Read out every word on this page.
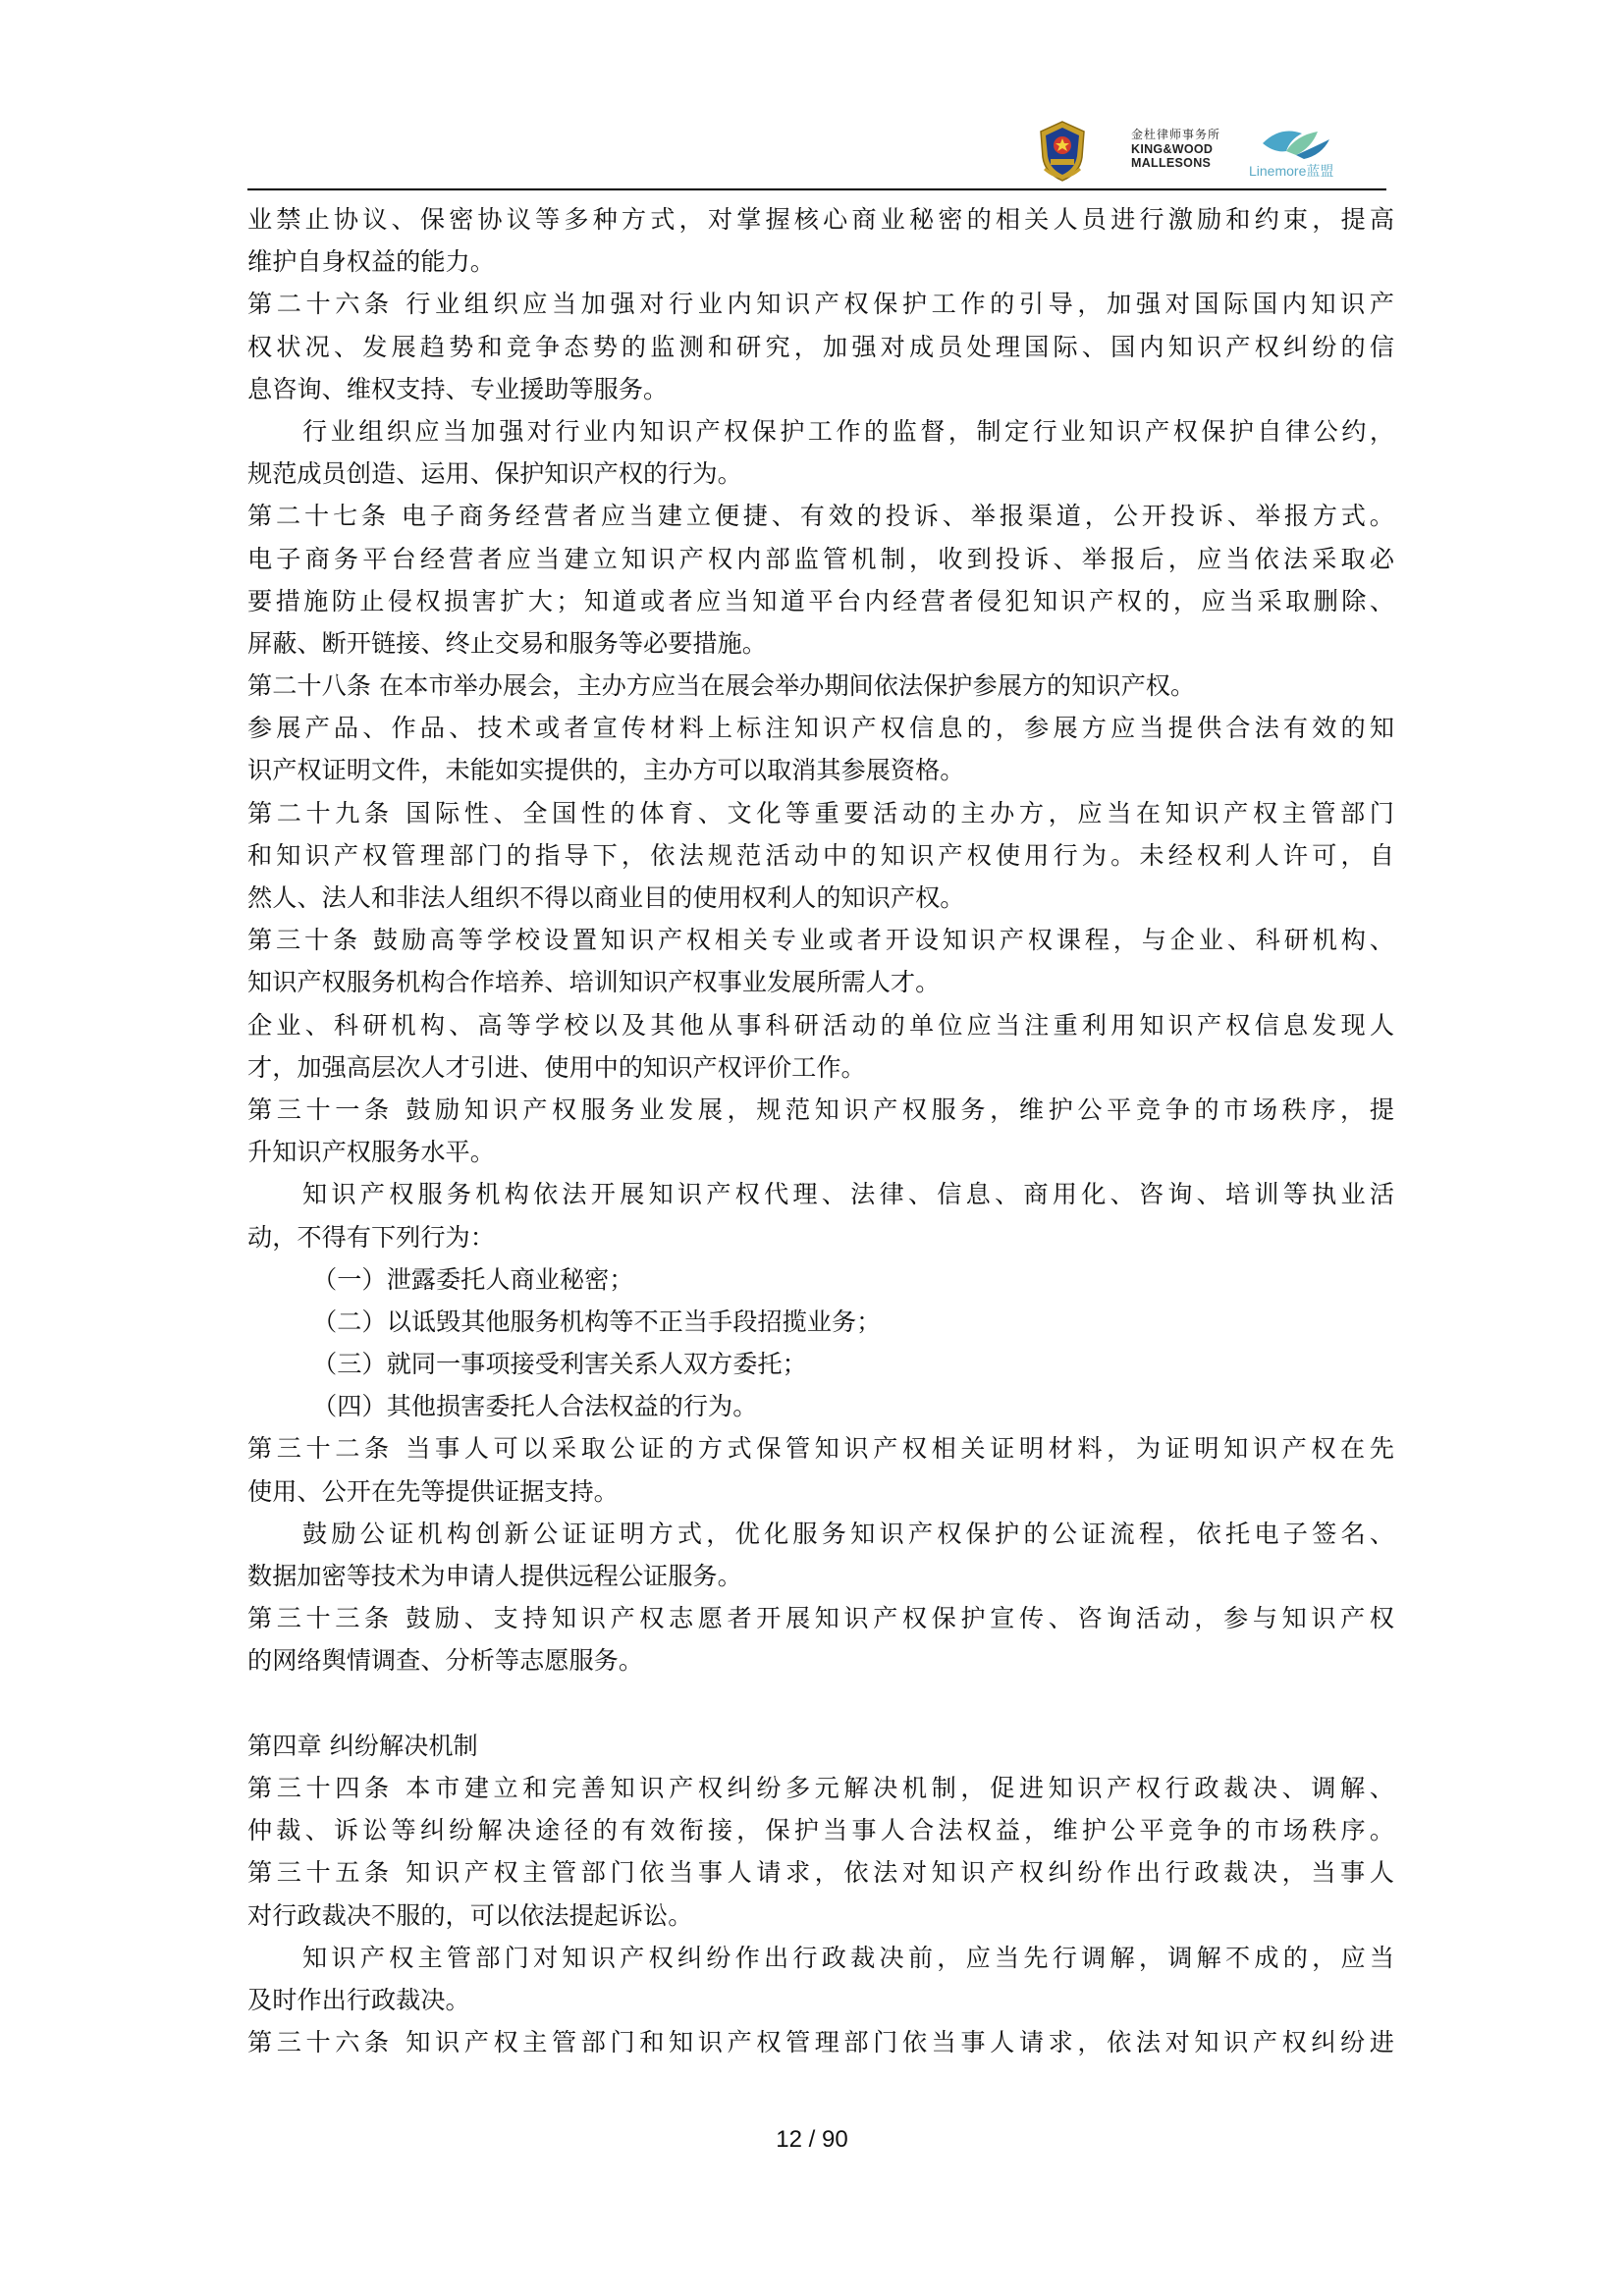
金杜律师事务所
KING&WOOD
MALLESONS	Linemore蓝盟
业禁止协议、保密协议等多种方式，对掌握核心商业秘密的相关人员进行激励和约束，提高
维护自身权益的能力。
第二十六条 行业组织应当加强对行业内知识产权保护工作的引导，加强对国际国内知识产
权状况、发展趋势和竞争态势的监测和研究，加强对成员处理国际、国内知识产权纠纷的信
息咨询、维权支持、专业援助等服务。
行业组织应当加强对行业内知识产权保护工作的监督，制定行业知识产权保护自律公约，
规范成员创造、运用、保护知识产权的行为。
第二十七条 电子商务经营者应当建立便捷、有效的投诉、举报渠道，公开投诉、举报方式。
电子商务平台经营者应当建立知识产权内部监管机制，收到投诉、举报后，应当依法采取必
要措施防止侵权损害扩大；知道或者应当知道平台内经营者侵犯知识产权的，应当采取删除、
屏蔽、断开链接、终止交易和服务等必要措施。
第二十八条 在本市举办展会，主办方应当在展会举办期间依法保护参展方的知识产权。
参展产品、作品、技术或者宣传材料上标注知识产权信息的，参展方应当提供合法有效的知
识产权证明文件，未能如实提供的，主办方可以取消其参展资格。
第二十九条 国际性、全国性的体育、文化等重要活动的主办方，应当在知识产权主管部门
和知识产权管理部门的指导下，依法规范活动中的知识产权使用行为。未经权利人许可，自
然人、法人和非法人组织不得以商业目的使用权利人的知识产权。
第三十条 鼓励高等学校设置知识产权相关专业或者开设知识产权课程，与企业、科研机构、
知识产权服务机构合作培养、培训知识产权事业发展所需人才。
企业、科研机构、高等学校以及其他从事科研活动的单位应当注重利用知识产权信息发现人
才，加强高层次人才引进、使用中的知识产权评价工作。
第三十一条 鼓励知识产权服务业发展，规范知识产权服务，维护公平竞争的市场秩序，提
升知识产权服务水平。
知识产权服务机构依法开展知识产权代理、法律、信息、商用化、咨询、培训等执业活
动，不得有下列行为：
（一）泄露委托人商业秘密；
（二）以诋毁其他服务机构等不正当手段招揽业务；
（三）就同一事项接受利害关系人双方委托；
（四）其他损害委托人合法权益的行为。
第三十二条 当事人可以采取公证的方式保管知识产权相关证明材料，为证明知识产权在先
使用、公开在先等提供证据支持。
鼓励公证机构创新公证证明方式，优化服务知识产权保护的公证流程，依托电子签名、
数据加密等技术为申请人提供远程公证服务。
第三十三条 鼓励、支持知识产权志愿者开展知识产权保护宣传、咨询活动，参与知识产权
的网络舆情调查、分析等志愿服务。
第四章 纠纷解决机制
第三十四条 本市建立和完善知识产权纠纷多元解决机制，促进知识产权行政裁决、调解、
仲裁、诉讼等纠纷解决途径的有效衔接，保护当事人合法权益，维护公平竞争的市场秩序。
第三十五条 知识产权主管部门依当事人请求，依法对知识产权纠纷作出行政裁决，当事人
对行政裁决不服的，可以依法提起诉讼。
知识产权主管部门对知识产权纠纷作出行政裁决前，应当先行调解，调解不成的，应当
及时作出行政裁决。
第三十六条 知识产权主管部门和知识产权管理部门依当事人请求，依法对知识产权纠纷进
12 / 90
